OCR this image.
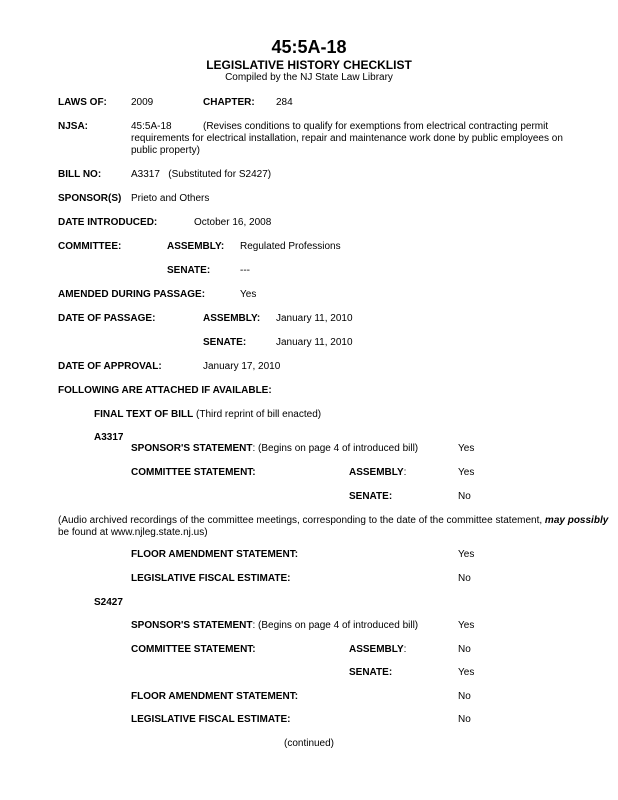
45:5A-18
LEGISLATIVE HISTORY CHECKLIST
Compiled by the NJ State Law Library
LAWS OF: 2009	CHAPTER: 284
NJSA:	45:5A-18	(Revises conditions to qualify for exemptions from electrical contracting permit
requirements for electrical installation, repair and maintenance work done by public employees on public property)
BILL NO:	A3317   (Substituted for S2427)
SPONSOR(S) Prieto and Others
DATE INTRODUCED:	October 16, 2008
COMMITTEE:	ASSEMBLY: Regulated Professions
SENATE:	---
AMENDED DURING PASSAGE:	Yes
DATE OF PASSAGE:	ASSEMBLY: January 11, 2010
SENATE:	January 11, 2010
DATE OF APPROVAL:	January 17, 2010
FOLLOWING ARE ATTACHED IF AVAILABLE:
FINAL TEXT OF BILL (Third reprint of bill enacted)
A3317
SPONSOR'S STATEMENT: (Begins on page 4 of introduced bill)	Yes
COMMITTEE STATEMENT:	ASSEMBLY:	Yes
SENATE:	No
(Audio archived recordings of the committee meetings, corresponding to the date of the committee statement, may possibly
be found at www.njleg.state.nj.us)
FLOOR AMENDMENT STATEMENT:	Yes
LEGISLATIVE FISCAL ESTIMATE:	No
S2427
SPONSOR'S STATEMENT: (Begins on page 4 of introduced bill)	Yes
COMMITTEE STATEMENT:	ASSEMBLY:	No
SENATE:	Yes
FLOOR AMENDMENT STATEMENT:	No
LEGISLATIVE FISCAL ESTIMATE:	No
(continued)
